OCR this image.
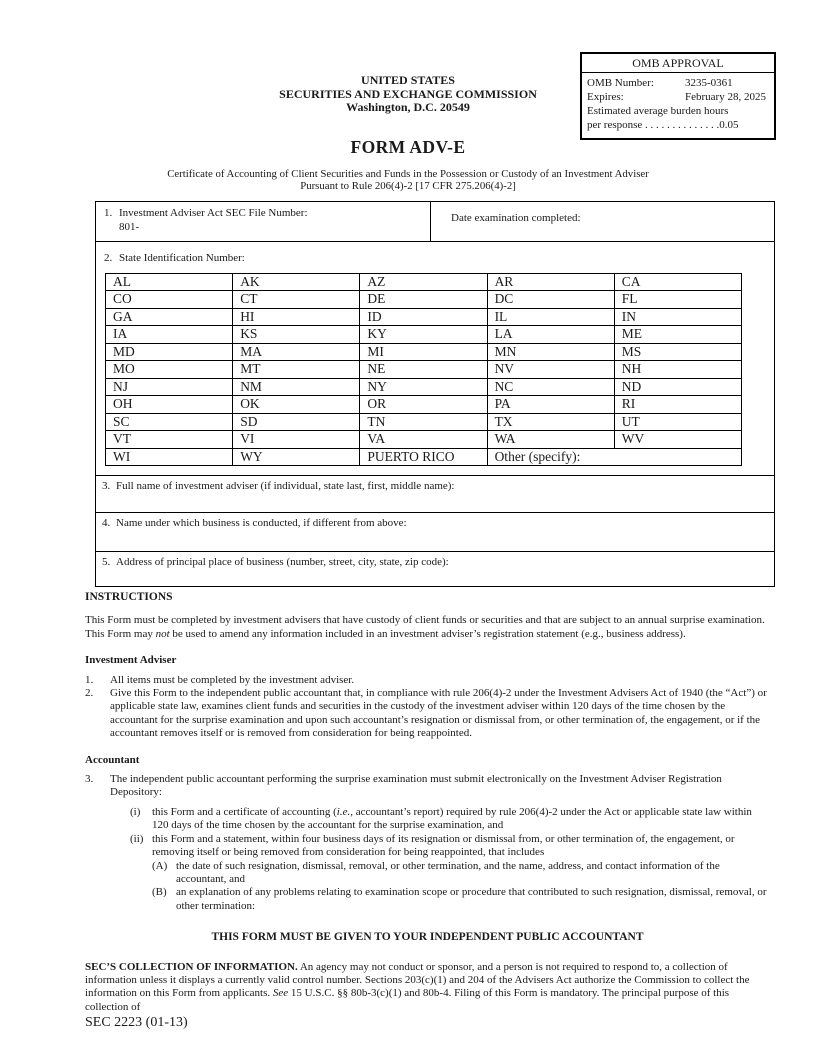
OMB APPROVAL
OMB Number:	3235-0361
Expires:	February 28, 2025
Estimated average burden hours
per response . . . . . . . . . . . . . .0.05
UNITED STATES
SECURITIES AND EXCHANGE COMMISSION
Washington, D.C. 20549
FORM ADV-E
Certificate of Accounting of Client Securities and Funds in the Possession or Custody of an Investment Adviser
Pursuant to Rule 206(4)-2 [17 CFR 275.206(4)-2]
1. Investment Adviser Act SEC File Number:
801-
Date examination completed:
2. State Identification Number:
AL	AK	AZ	AR	CA
CO	CT	DE	DC	FL
GA	HI	ID	IL	IN
IA	KS	KY	LA	ME
MD	MA	MI	MN	MS
MO	MT	NE	NV	NH
NJ	NM	NY	NC	ND
OH	OK	OR	PA	RI
SC	SD	TN	TX	UT
VT	VI	VA	WA	WV
WI	WY	PUERTO RICO	Other (specify):	
3. Full name of investment adviser (if individual, state last, first, middle name):
4. Name under which business is conducted, if different from above:
5. Address of principal place of business (number, street, city, state, zip code):
INSTRUCTIONS
This Form must be completed by investment advisers that have custody of client funds or securities and that are subject to an annual surprise examination. This Form may not be used to amend any information included in an investment adviser’s registration statement (e.g., business address).
Investment Adviser
1.	All items must be completed by the investment adviser.
2.	Give this Form to the independent public accountant that, in compliance with rule 206(4)-2 under the Investment Advisers Act of 1940 (the “Act”) or applicable state law, examines client funds and securities in the custody of the investment adviser within 120 days of the time chosen by the accountant for the surprise examination and upon such accountant’s resignation or dismissal from, or other termination of, the engagement, or if the accountant removes itself or is removed from consideration for being reappointed.
Accountant
3.	The independent public accountant performing the surprise examination must submit electronically on the Investment Adviser Registration Depository:
(i)	this Form and a certificate of accounting (i.e., accountant’s report) required by rule 206(4)-2 under the Act or applicable state law within 120 days of the time chosen by the accountant for the surprise examination, and
(ii) this Form and a statement, within four business days of its resignation or dismissal from, or other termination of, the engagement, or removing itself or being removed from consideration for being reappointed, that includes
(A) the date of such resignation, dismissal, removal, or other termination, and the name, address, and contact information of the accountant, and
(B) an explanation of any problems relating to examination scope or procedure that contributed to such resignation, dismissal, removal, or other termination:
THIS FORM MUST BE GIVEN TO YOUR INDEPENDENT PUBLIC ACCOUNTANT
SEC’S COLLECTION OF INFORMATION. An agency may not conduct or sponsor, and a person is not required to respond to, a collection of information unless it displays a currently valid control number. Sections 203(c)(1) and 204 of the Advisers Act authorize the Commission to collect the information on this Form from applicants. See 15 U.S.C. §§ 80b-3(c)(1) and 80b-4. Filing of this Form is mandatory. The principal purpose of this collection of
SEC 2223 (01-13)
